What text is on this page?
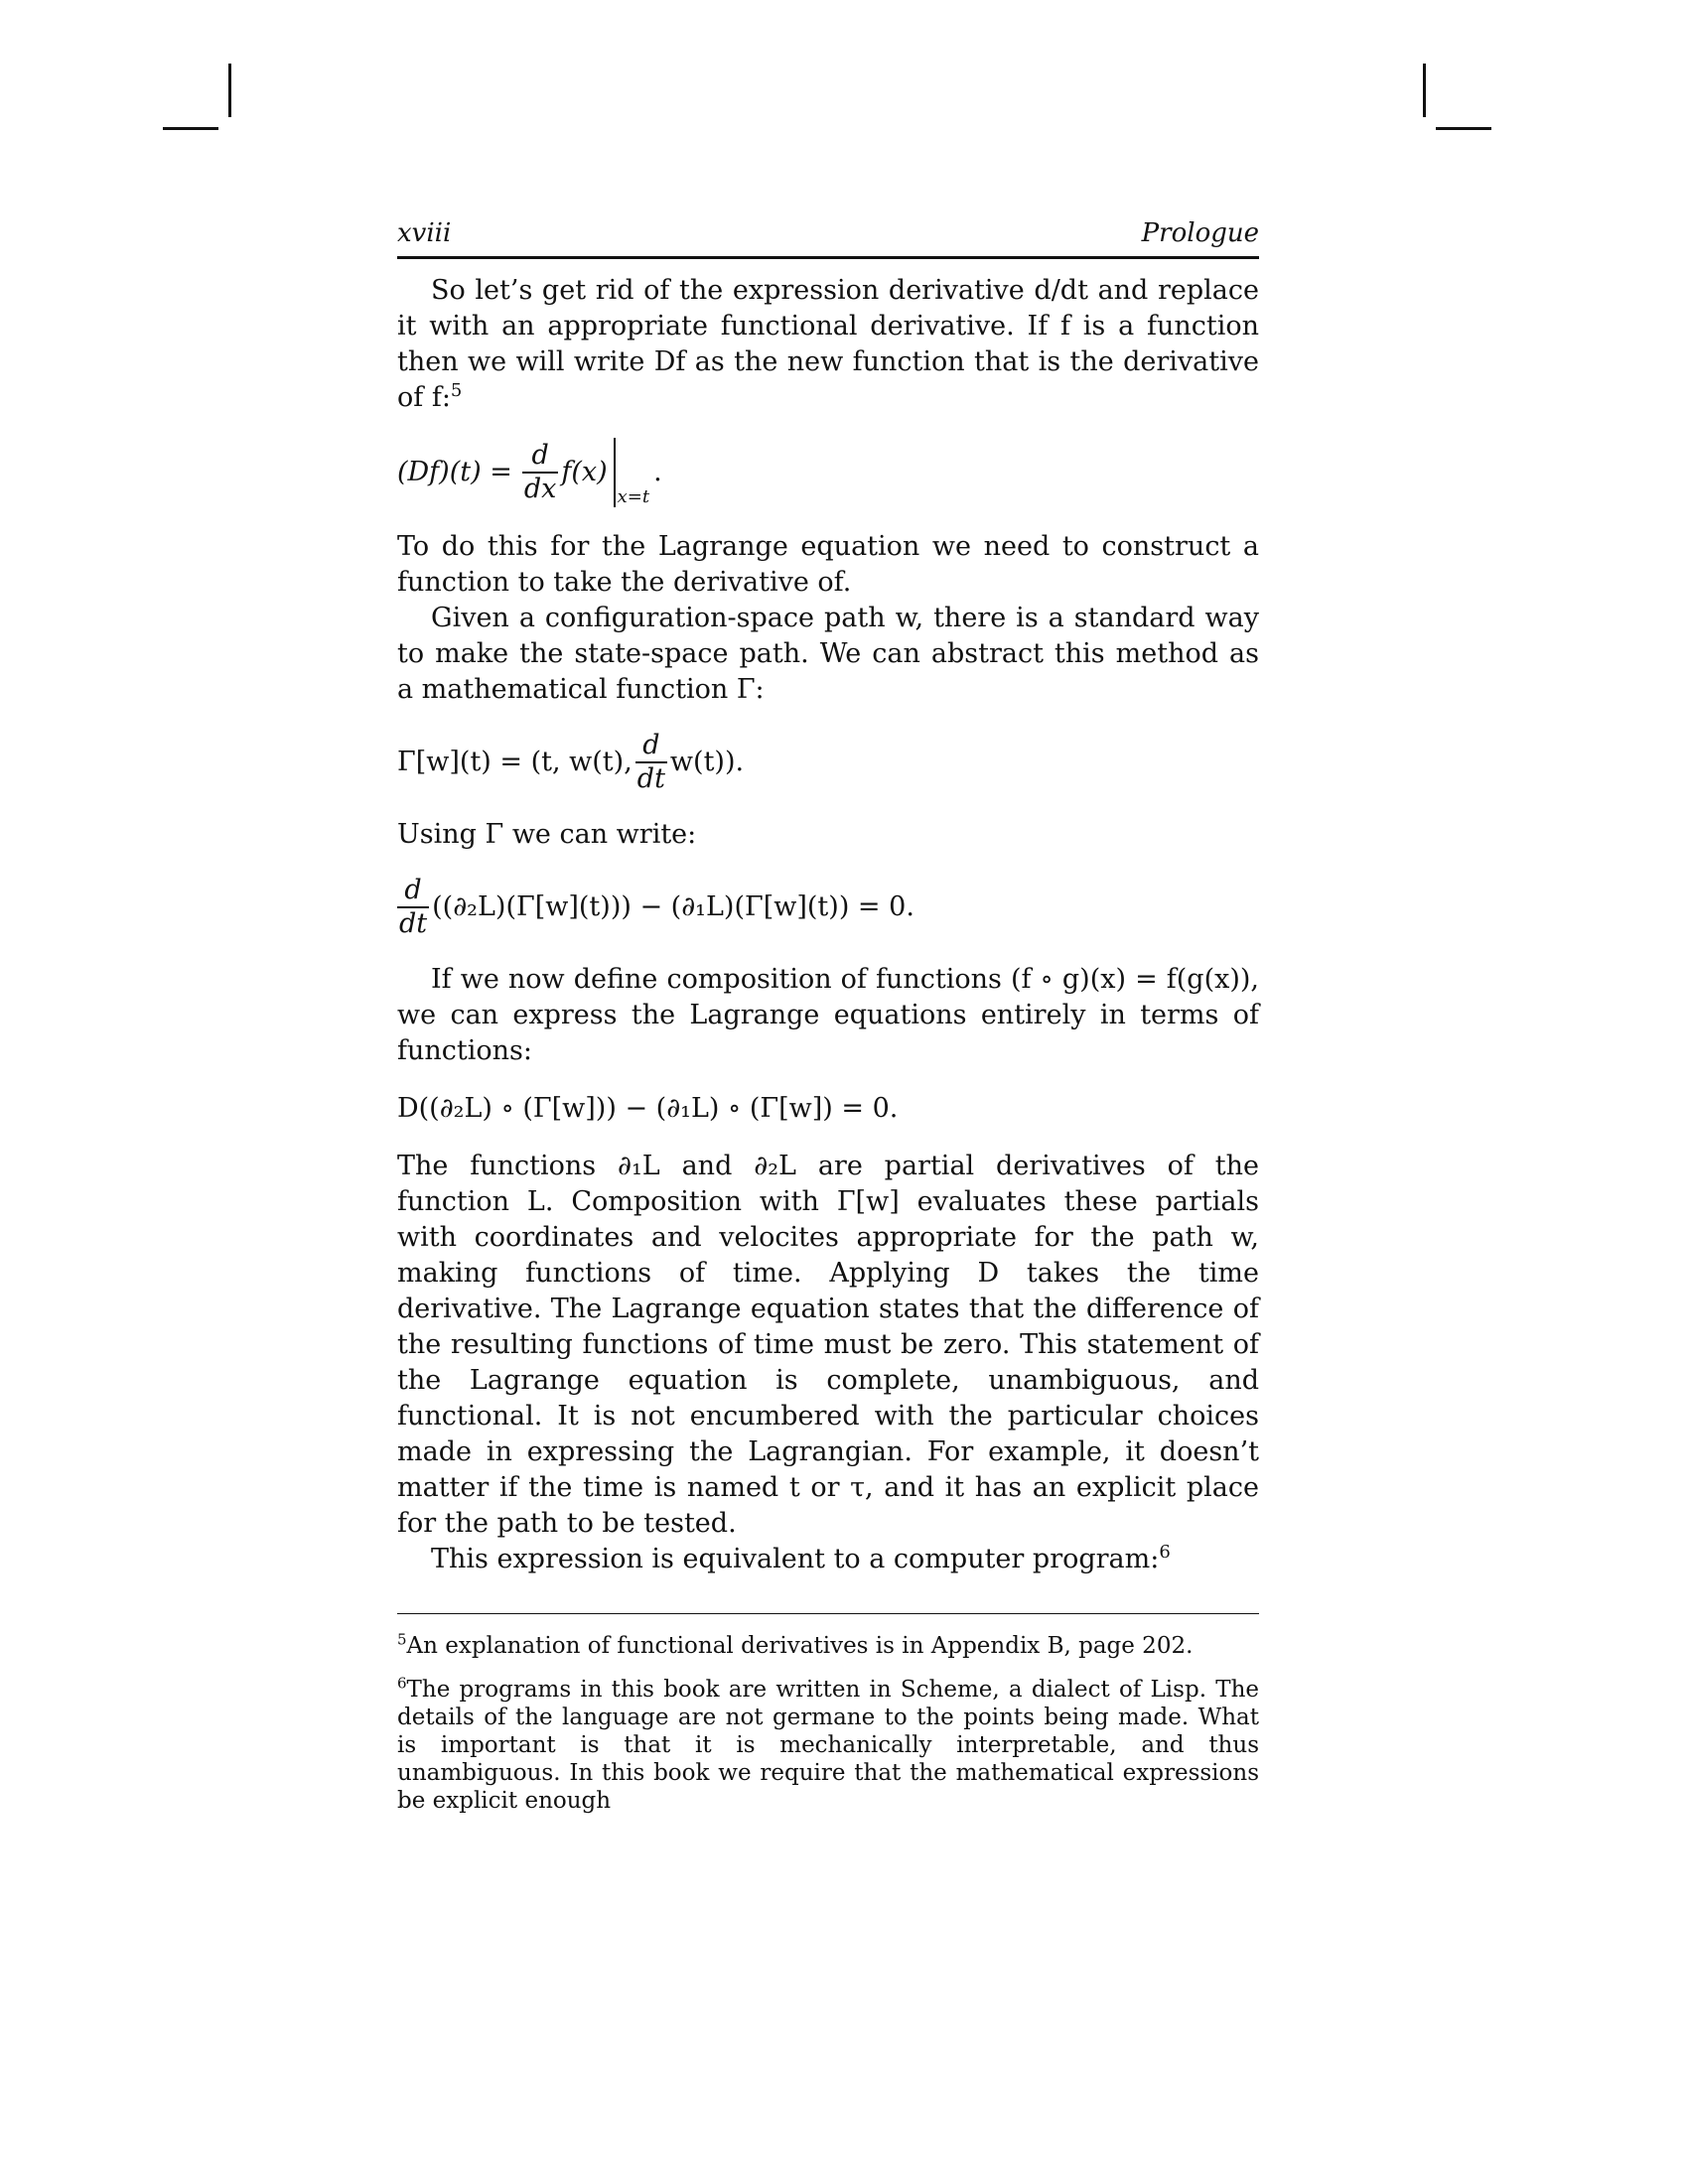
xviii	Prologue

So let’s get rid of the expression derivative d/dt and replace it with an appropriate functional derivative. If f is a function then we will write Df as the new function that is the derivative of f:$^5$

$(Df)(t) = \frac{d}{dx} f(x)$
x=t
.

To do this for the Lagrange equation we need to construct a function to take the derivative of.

Given a configuration-space path w, there is a standard way to make the state-space path. We can abstract this method as a mathematical function Γ:

Γ[w](t) = (t, w(t), $\frac{d}{dt} w(t)$).

Using Γ we can write:

$\frac{d}{dt} ((\partial_2L)(\Gamma[w](t))) - (\partial_1L)(\Gamma[w](t)) = 0$.

If we now define composition of functions (f ∘ g)(x) = f(g(x)), we can express the Lagrange equations entirely in terms of functions:

D((∂₂L) ∘ (Γ[w])) − (∂₁L) ∘ (Γ[w]) = 0.

The functions ∂₁L and ∂₂L are partial derivatives of the function L. Composition with Γ[w] evaluates these partials with coordinates and velocites appropriate for the path w, making functions of time. Applying D takes the time derivative. The Lagrange equation states that the difference of the resulting functions of time must be zero. This statement of the Lagrange equation is complete, unambiguous, and functional. It is not encumbered with the particular choices made in expressing the Lagrangian. For example, it doesn’t matter if the time is named t or τ, and it has an explicit place for the path to be tested.

This expression is equivalent to a computer program:$^6$

$^5$An explanation of functional derivatives is in Appendix B, page 202.

$^6$The programs in this book are written in Scheme, a dialect of Lisp. The details of the language are not germane to the points being made. What is important is that it is mechanically interpretable, and thus unambiguous. In this book we require that the mathematical expressions be explicit enough
